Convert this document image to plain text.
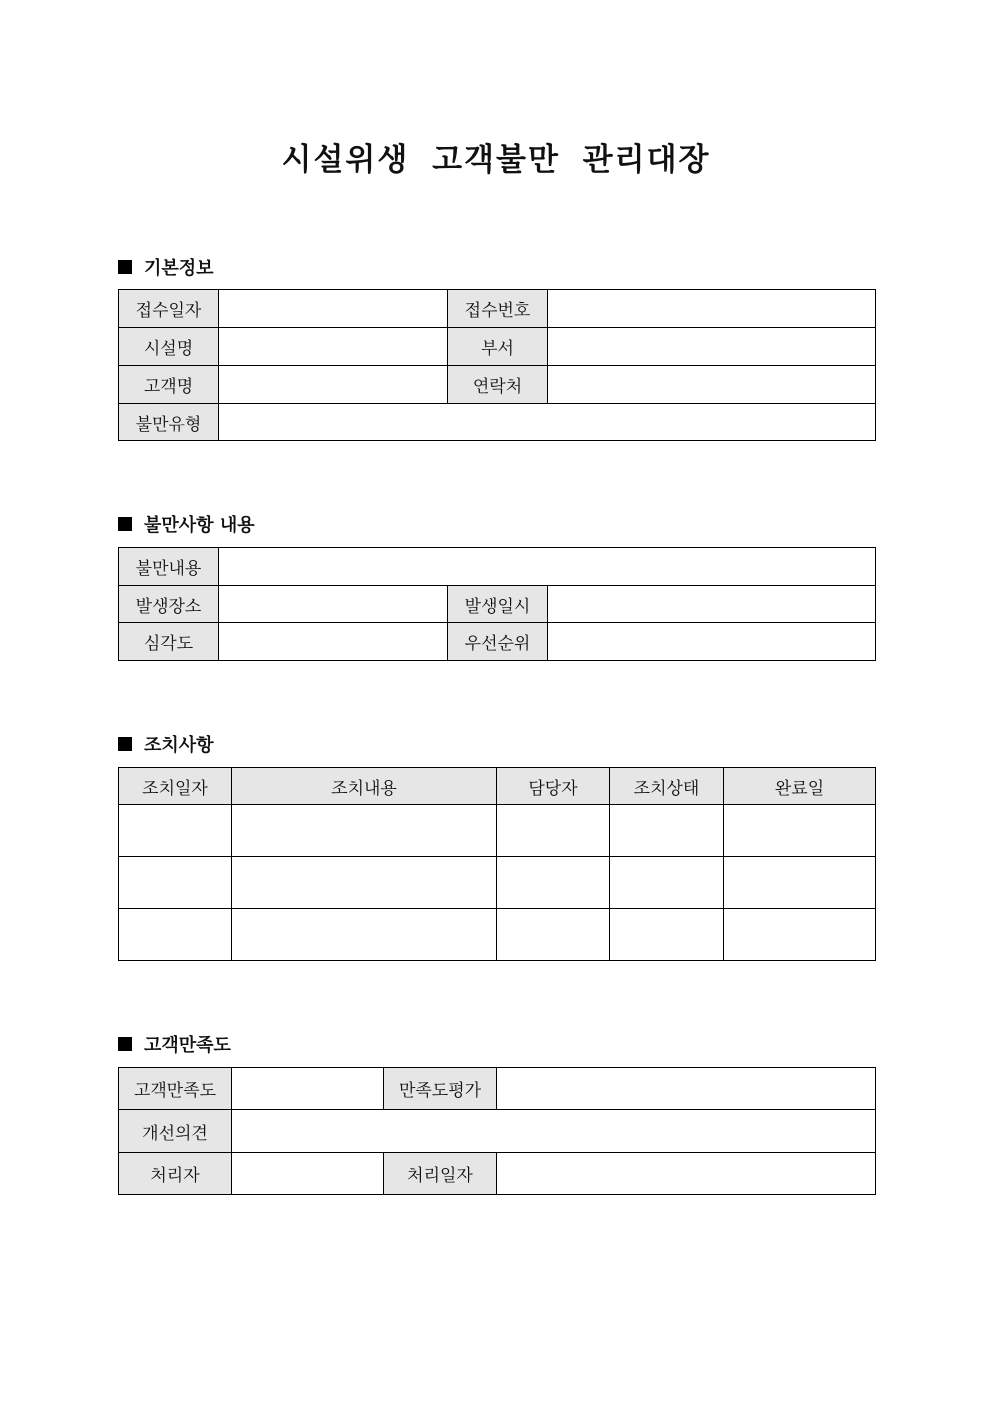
시설위생 고객불만 관리대장
기본정보
접수일자		접수번호	
시설명		부서	
고객명		연락처	
불만유형			
불만사항 내용
불만내용			
발생장소		발생일시	
심각도		우선순위	
조치사항
조치일자	조치내용	담당자	조치상태	완료일

고객만족도
고객만족도		만족도평가	
개선의견			
처리자		처리일자	
